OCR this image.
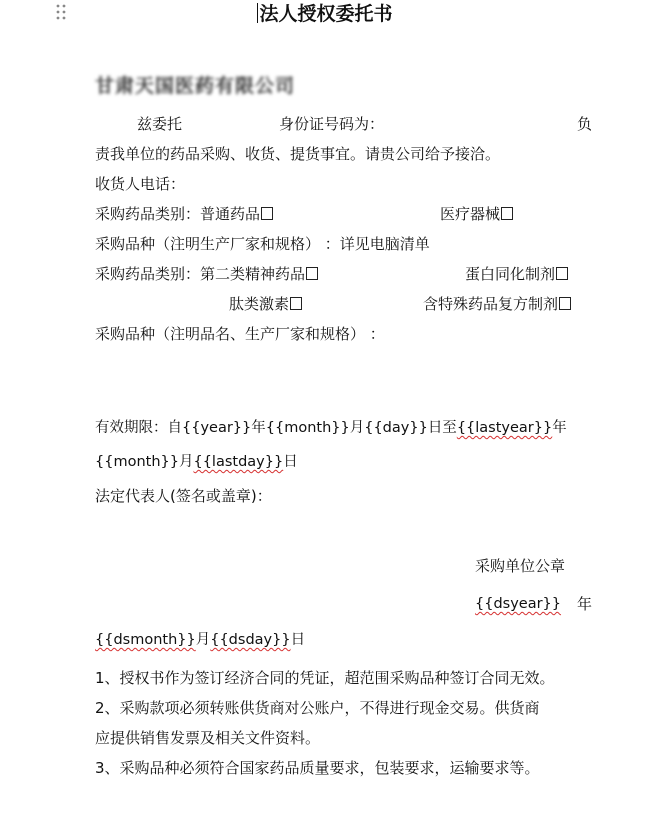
法人授权委托书
甘肃天国医药有限公司
兹委托	身份证号码为：	负
责我单位的药品采购、收货、提货事宜。请贵公司给予接洽。
收货人电话：
采购药品类别：普通药品	医疗器械
采购品种（注明生产厂家和规格） ：详见电脑清单
采购药品类别：第二类精神药品	蛋白同化制剂
肽类激素	含特殊药品复方制剂
采购品种（注明品名、生产厂家和规格） ：
有效期限：自{{year}}年{{month}}月{{day}}日至{{lastyear}}年
{{month}}月{{lastday}}日
法定代表人(签名或盖章)：
采购单位公章
{{dsyear}} 年
{{dsmonth}}月{{dsday}}日
1、授权书作为签订经济合同的凭证，超范围采购品种签订合同无效。
2、采购款项必须转账供货商对公账户，不得进行现金交易。供货商
应提供销售发票及相关文件资料。
3、采购品种必须符合国家药品质量要求，包装要求，运输要求等。
